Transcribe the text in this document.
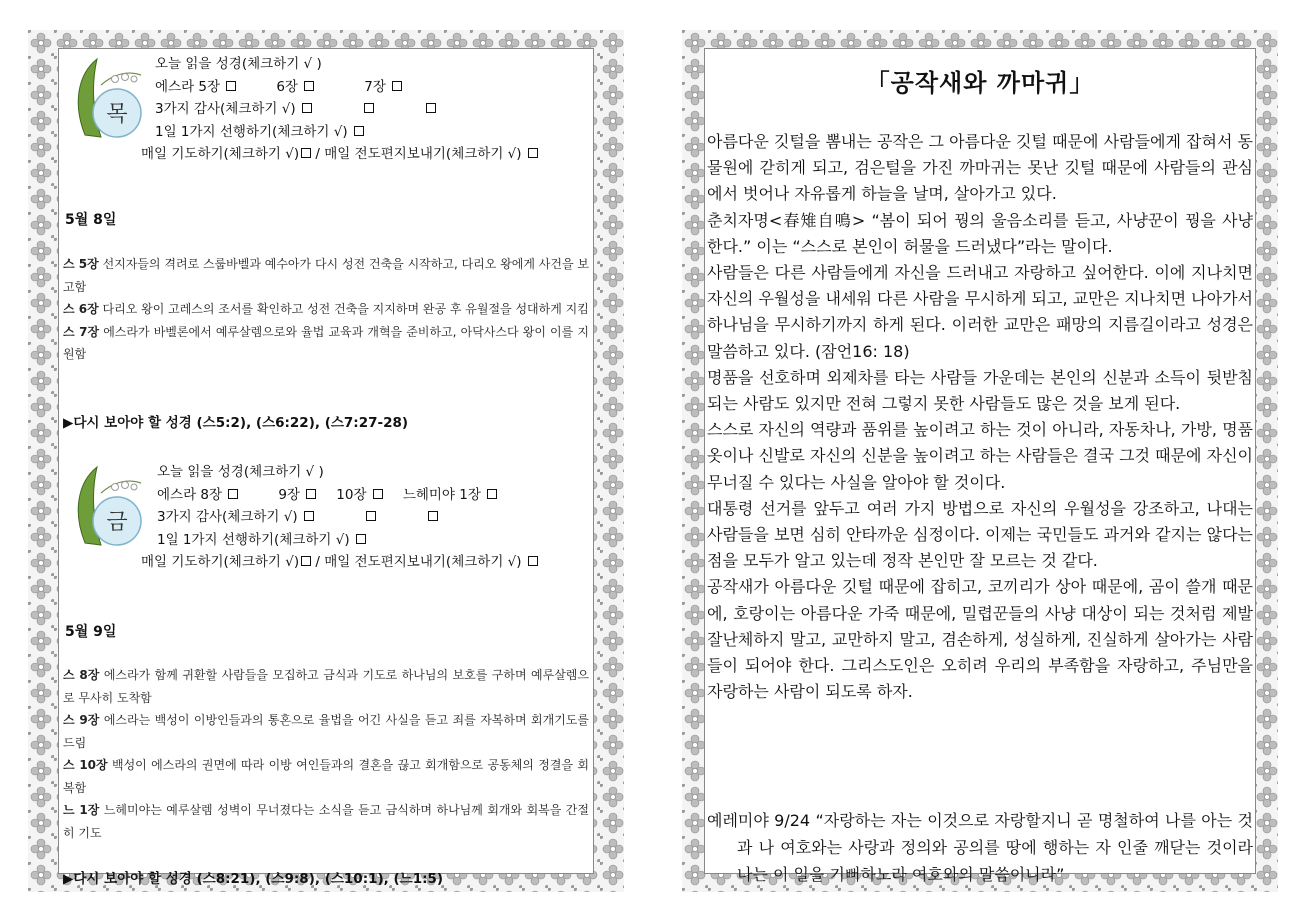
목
오늘 읽을 성경(체크하기 √ )
에스라 5장	6장	7장
3가지 감사(체크하기 √)
1일 1가지 선행하기(체크하기 √)
매일 기도하기(체크하기 √) / 매일 전도편지보내기(체크하기 √)
5월 8일
스 5장 선지자들의 격려로 스룹바벨과 예수아가 다시 성전 건축을 시작하고, 다리오 왕에게 사건을 보고함
스 6장 다리오 왕이 고레스의 조서를 확인하고 성전 건축을 지지하며 완공 후 유월절을 성대하게 지킴
스 7장 에스라가 바벨론에서 예루살렘으로와 율법 교육과 개혁을 준비하고, 아닥사스다 왕이 이를 지원함
▶다시 보아야 할 성경 (스5:2), (스6:22), (스7:27-28)
금
오늘 읽을 성경(체크하기 √ )
에스라 8장	9장	10장	느헤미야 1장
3가지 감사(체크하기 √)
1일 1가지 선행하기(체크하기 √)
매일 기도하기(체크하기 √) / 매일 전도편지보내기(체크하기 √)
5월 9일
스 8장 에스라가 함께 귀환할 사람들을 모집하고 금식과 기도로 하나님의 보호를 구하며 예루살렘으로 무사히 도착함
스 9장 에스라는 백성이 이방인들과의 통혼으로 율법을 어긴 사실을 듣고 죄를 자복하며 회개기도를 드림
스 10장 백성이 에스라의 권면에 따라 이방 여인들과의 결혼을 끊고 회개함으로 공동체의 정결을 회복함
느 1장 느헤미야는 예루살렘 성벽이 무너졌다는 소식을 듣고 금식하며 하나님께 회개와 회복을 간절히 기도
▶다시 보아야 할 성경 (스8:21), (스9:8), (스10:1), (느1:5)
「공작새와 까마귀」

아름다운 깃털을 뽐내는 공작은 그 아름다운 깃털 때문에 사람들에게 잡혀서 동물원에 갇히게 되고, 검은털을 가진 까마귀는 못난 깃털 때문에 사람들의 관심에서 벗어나 자유롭게 하늘을 날며, 살아가고 있다.

춘치자명<春雉自鳴> “봄이 되어 꿩의 울음소리를 듣고, 사냥꾼이 꿩을 사냥한다.” 이는 “스스로 본인이 허물을 드러냈다”라는 말이다.

사람들은 다른 사람들에게 자신을 드러내고 자랑하고 싶어한다. 이에 지나치면 자신의 우월성을 내세워 다른 사람을 무시하게 되고, 교만은 지나치면 나아가서 하나님을 무시하기까지 하게 된다. 이러한 교만은 패망의 지름길이라고 성경은 말씀하고 있다. (잠언16: 18)

명품을 선호하며 외제차를 타는 사람들 가운데는 본인의 신분과 소득이 뒷받침 되는 사람도 있지만 전혀 그렇지 못한 사람들도 많은 것을 보게 된다.

스스로 자신의 역량과 품위를 높이려고 하는 것이 아니라, 자동차나, 가방, 명품 옷이나 신발로 자신의 신분을 높이려고 하는 사람들은 결국 그것 때문에 자신이 무너질 수 있다는 사실을 알아야 할 것이다.

대통령 선거를 앞두고 여러 가지 방법으로 자신의 우월성을 강조하고, 나대는 사람들을 보면 심히 안타까운 심정이다. 이제는 국민들도 과거와 같지는 않다는 점을 모두가 알고 있는데 정작 본인만 잘 모르는 것 같다.

공작새가 아름다운 깃털 때문에 잡히고, 코끼리가 상아 때문에, 곰이 쓸개 때문에, 호랑이는 아름다운 가죽 때문에, 밀렵꾼들의 사냥 대상이 되는 것처럼 제발 잘난체하지 말고, 교만하지 말고, 겸손하게, 성실하게, 진실하게 살아가는 사람들이 되어야 한다. 그리스도인은 오히려 우리의 부족함을 자랑하고, 주님만을 자랑하는 사람이 되도록 하자.

예레미야 9/24 “자랑하는 자는 이것으로 자랑할지니 곧 명철하여 나를 아는 것과 나 여호와는 사랑과 정의와 공의를 땅에 행하는 자 인줄 깨닫는 것이라 나는 이 일을 기뻐하노라 여호와의 말씀이니라”
